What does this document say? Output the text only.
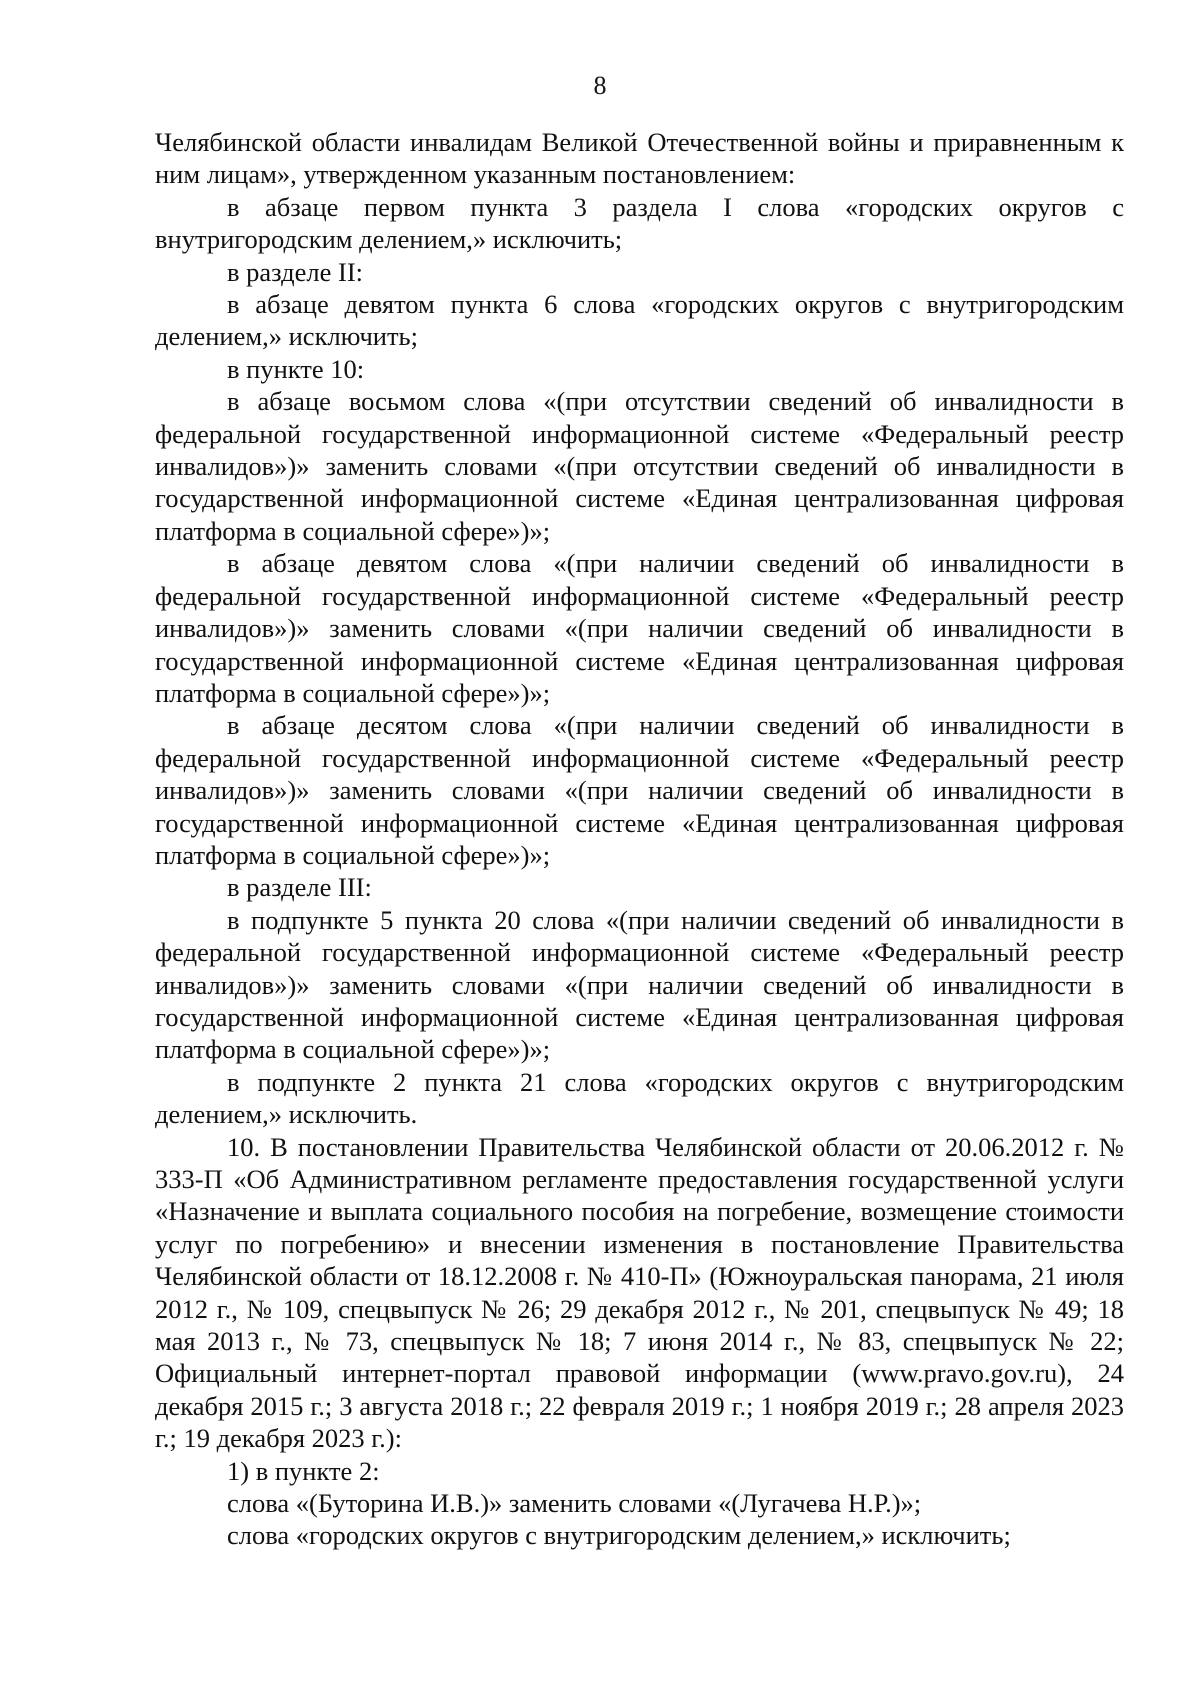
8

Челябинской области инвалидам Великой Отечественной войны и приравненным к ним лицам», утвержденном указанным постановлением:

в абзаце первом пункта 3 раздела I слова «городских округов с внутригородским делением,» исключить;

в разделе II:

в абзаце девятом пункта 6 слова «городских округов с внутригородским делением,» исключить;

в пункте 10:

в абзаце восьмом слова «(при отсутствии сведений об инвалидности в федеральной государственной информационной системе «Федеральный реестр инвалидов»)» заменить словами «(при отсутствии сведений об инвалидности в государственной информационной системе «Единая централизованная цифровая платформа в социальной сфере»)»;

в абзаце девятом слова «(при наличии сведений об инвалидности в федеральной государственной информационной системе «Федеральный реестр инвалидов»)» заменить словами «(при наличии сведений об инвалидности в государственной информационной системе «Единая централизованная цифровая платформа в социальной сфере»)»;

в абзаце десятом слова «(при наличии сведений об инвалидности в федеральной государственной информационной системе «Федеральный реестр инвалидов»)» заменить словами «(при наличии сведений об инвалидности в государственной информационной системе «Единая централизованная цифровая платформа в социальной сфере»)»;

в разделе III:

в подпункте 5 пункта 20 слова «(при наличии сведений об инвалидности в федеральной государственной информационной системе «Федеральный реестр инвалидов»)» заменить словами «(при наличии сведений об инвалидности в государственной информационной системе «Единая централизованная цифровая платформа в социальной сфере»)»;

в подпункте 2 пункта 21 слова «городских округов с внутригородским делением,» исключить.

10. В постановлении Правительства Челябинской области от 20.06.2012 г. № 333-П «Об Административном регламенте предоставления государственной услуги «Назначение и выплата социального пособия на погребение, возмещение стоимости услуг по погребению» и внесении изменения в постановление Правительства Челябинской области от 18.12.2008 г. № 410-П» (Южноуральская панорама, 21 июля 2012 г., № 109, спецвыпуск № 26; 29 декабря 2012 г., № 201, спецвыпуск № 49; 18 мая 2013 г., № 73, спецвыпуск № 18; 7 июня 2014 г., № 83, спецвыпуск № 22; Официальный интернет-портал правовой информации (www.pravo.gov.ru), 24 декабря 2015 г.; 3 августа 2018 г.; 22 февраля 2019 г.; 1 ноября 2019 г.; 28 апреля 2023 г.; 19 декабря 2023 г.):

1) в пункте 2:

слова «(Буторина И.В.)» заменить словами «(Лугачева Н.Р.)»;

слова «городских округов с внутригородским делением,» исключить;
